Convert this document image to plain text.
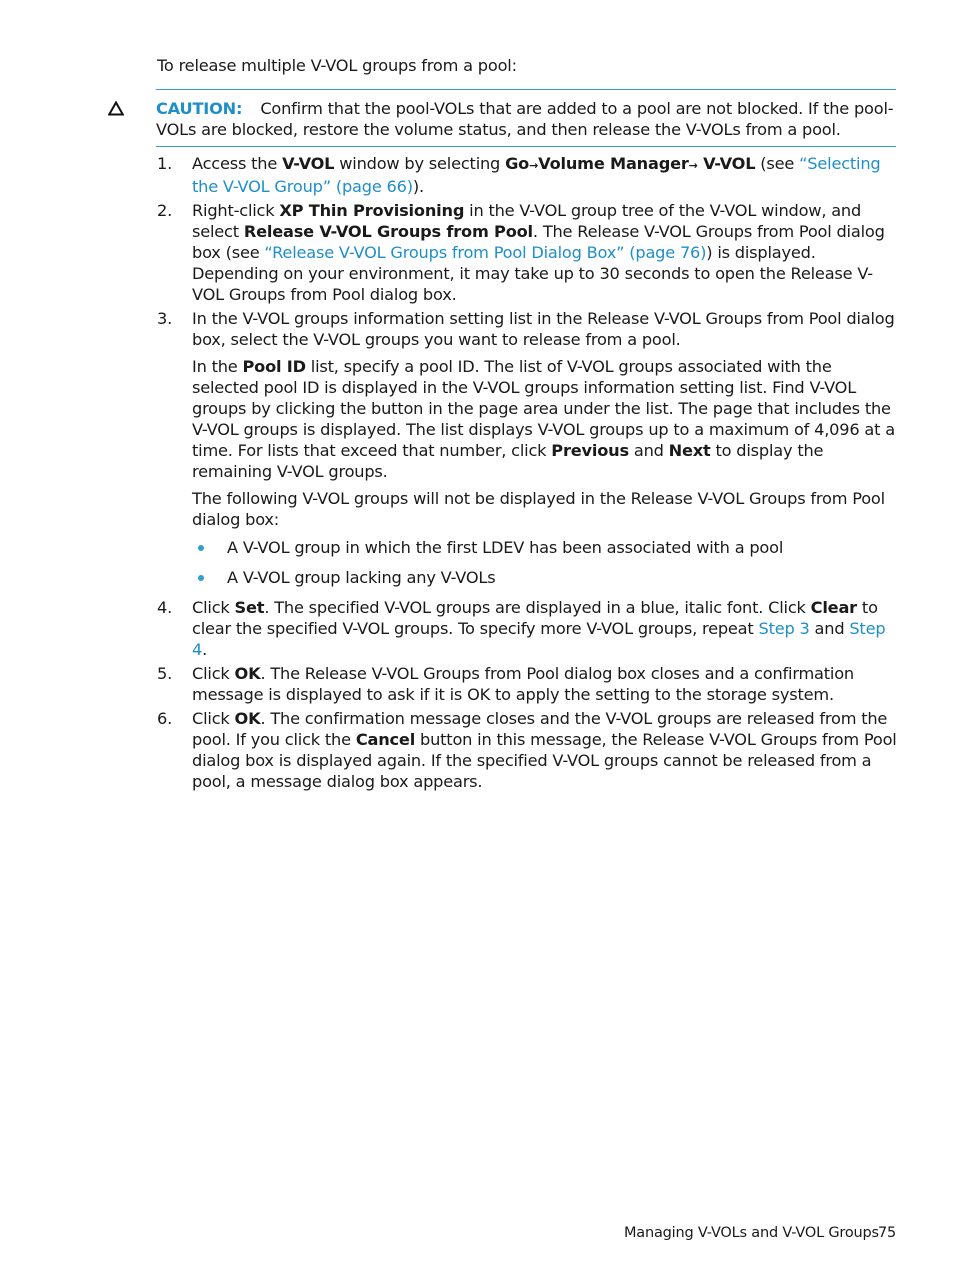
To release multiple V-VOL groups from a pool:
CAUTION: Confirm that the pool-VOLs that are added to a pool are not blocked. If the pool-VOLs are blocked, restore the volume status, and then release the V-VOLs from a pool.
1. Access the V-VOL window by selecting Go→Volume Manager→ V-VOL (see “Selecting the V-VOL Group” (page 66)).
2. Right-click XP Thin Provisioning in the V-VOL group tree of the V-VOL window, and select Release V-VOL Groups from Pool. The Release V-VOL Groups from Pool dialog box (see “Release V-VOL Groups from Pool Dialog Box” (page 76)) is displayed. Depending on your environment, it may take up to 30 seconds to open the Release V-VOL Groups from Pool dialog box.
3. In the V-VOL groups information setting list in the Release V-VOL Groups from Pool dialog box, select the V-VOL groups you want to release from a pool.
In the Pool ID list, specify a pool ID. The list of V-VOL groups associated with the selected pool ID is displayed in the V-VOL groups information setting list. Find V-VOL groups by clicking the button in the page area under the list. The page that includes the V-VOL groups is displayed. The list displays V-VOL groups up to a maximum of 4,096 at a time. For lists that exceed that number, click Previous and Next to display the remaining V-VOL groups.
The following V-VOL groups will not be displayed in the Release V-VOL Groups from Pool dialog box:
A V-VOL group in which the first LDEV has been associated with a pool
A V-VOL group lacking any V-VOLs
4. Click Set. The specified V-VOL groups are displayed in a blue, italic font. Click Clear to clear the specified V-VOL groups. To specify more V-VOL groups, repeat Step 3 and Step 4.
5. Click OK. The Release V-VOL Groups from Pool dialog box closes and a confirmation message is displayed to ask if it is OK to apply the setting to the storage system.
6. Click OK. The confirmation message closes and the V-VOL groups are released from the pool. If you click the Cancel button in this message, the Release V-VOL Groups from Pool dialog box is displayed again. If the specified V-VOL groups cannot be released from a pool, a message dialog box appears.
Managing V-VOLs and V-VOL Groups 75
